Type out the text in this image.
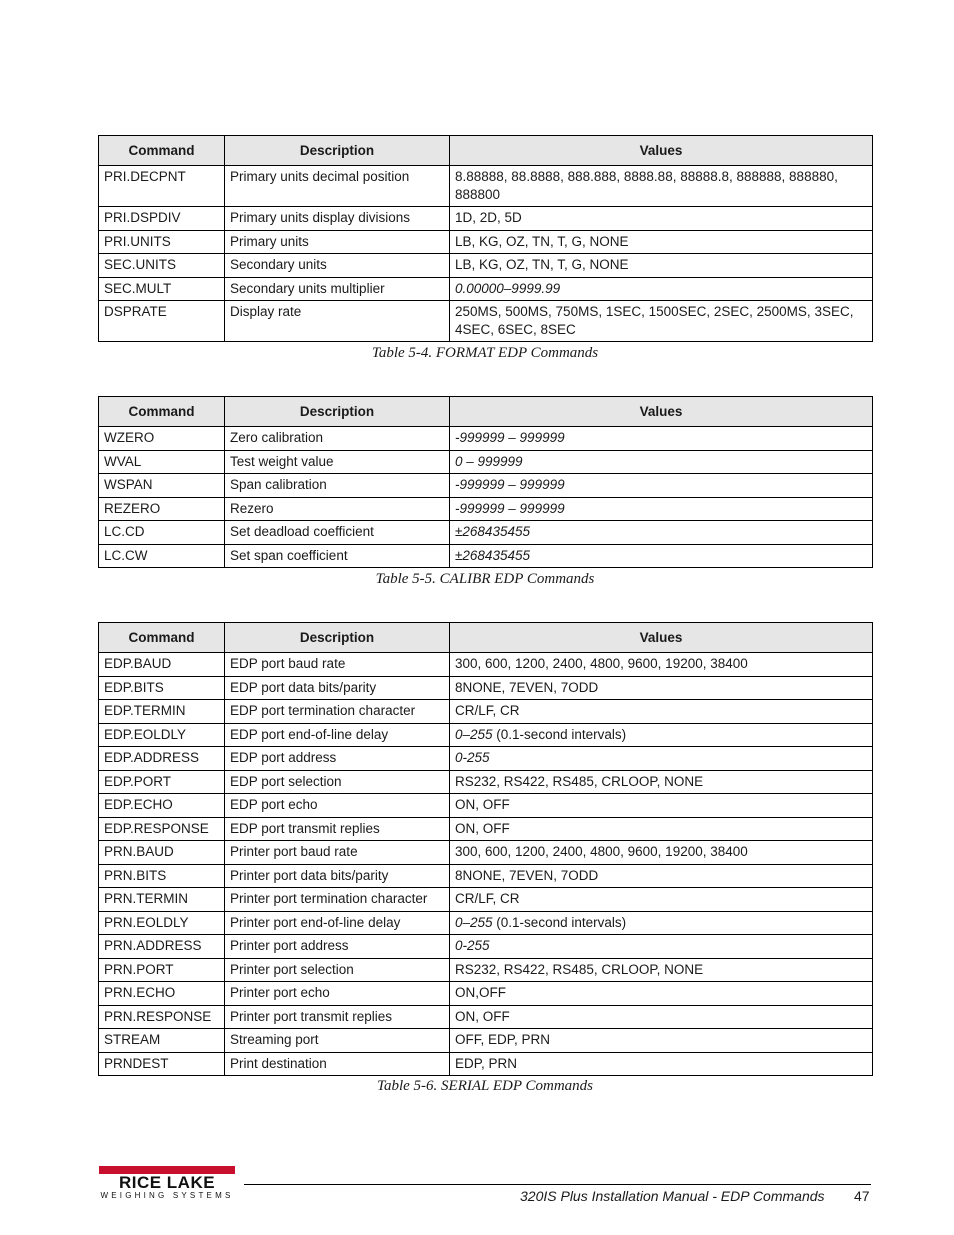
Command	Description	Values
PRI.DECPNT	Primary units decimal position	8.88888, 88.8888, 888.888, 8888.88, 88888.8, 888888, 888880, 888800
PRI.DSPDIV	Primary units display divisions	1D, 2D, 5D
PRI.UNITS	Primary units	LB, KG, OZ, TN, T, G, NONE
SEC.UNITS	Secondary units	LB, KG, OZ, TN, T, G, NONE
SEC.MULT	Secondary units multiplier	0.00000–9999.99
DSPRATE	Display rate	250MS, 500MS, 750MS, 1SEC, 1500SEC, 2SEC, 2500MS, 3SEC, 4SEC, 6SEC, 8SEC
Table 5-4. FORMAT EDP Commands
Command	Description	Values
WZERO	Zero calibration	-999999 – 999999
WVAL	Test weight value	0 – 999999
WSPAN	Span calibration	-999999 – 999999
REZERO	Rezero	-999999 – 999999
LC.CD	Set deadload coefficient	±268435455
LC.CW	Set span coefficient	±268435455
Table 5-5. CALIBR EDP Commands
Command	Description	Values
EDP.BAUD	EDP port baud rate	300, 600, 1200, 2400, 4800, 9600, 19200, 38400
EDP.BITS	EDP port data bits/parity	8NONE, 7EVEN, 7ODD
EDP.TERMIN	EDP port termination character	CR/LF, CR
EDP.EOLDLY	EDP port end-of-line delay	0–255 (0.1-second intervals)
EDP.ADDRESS	EDP port address	0-255
EDP.PORT	EDP port selection	RS232, RS422, RS485, CRLOOP, NONE
EDP.ECHO	EDP port echo	ON, OFF
EDP.RESPONSE	EDP port transmit replies	ON, OFF
PRN.BAUD	Printer port baud rate	300, 600, 1200, 2400, 4800, 9600, 19200, 38400
PRN.BITS	Printer port data bits/parity	8NONE, 7EVEN, 7ODD
PRN.TERMIN	Printer port termination character	CR/LF, CR
PRN.EOLDLY	Printer port end-of-line delay	0–255 (0.1-second intervals)
PRN.ADDRESS	Printer port address	0-255
PRN.PORT	Printer port selection	RS232, RS422, RS485, CRLOOP, NONE
PRN.ECHO	Printer port echo	ON,OFF
PRN.RESPONSE	Printer port transmit replies	ON, OFF
STREAM	Streaming port	OFF, EDP, PRN
PRNDEST	Print destination	EDP, PRN
Table 5-6. SERIAL EDP Commands
RICE LAKE
WEIGHING SYSTEMS	320IS Plus Installation Manual - EDP Commands 47
